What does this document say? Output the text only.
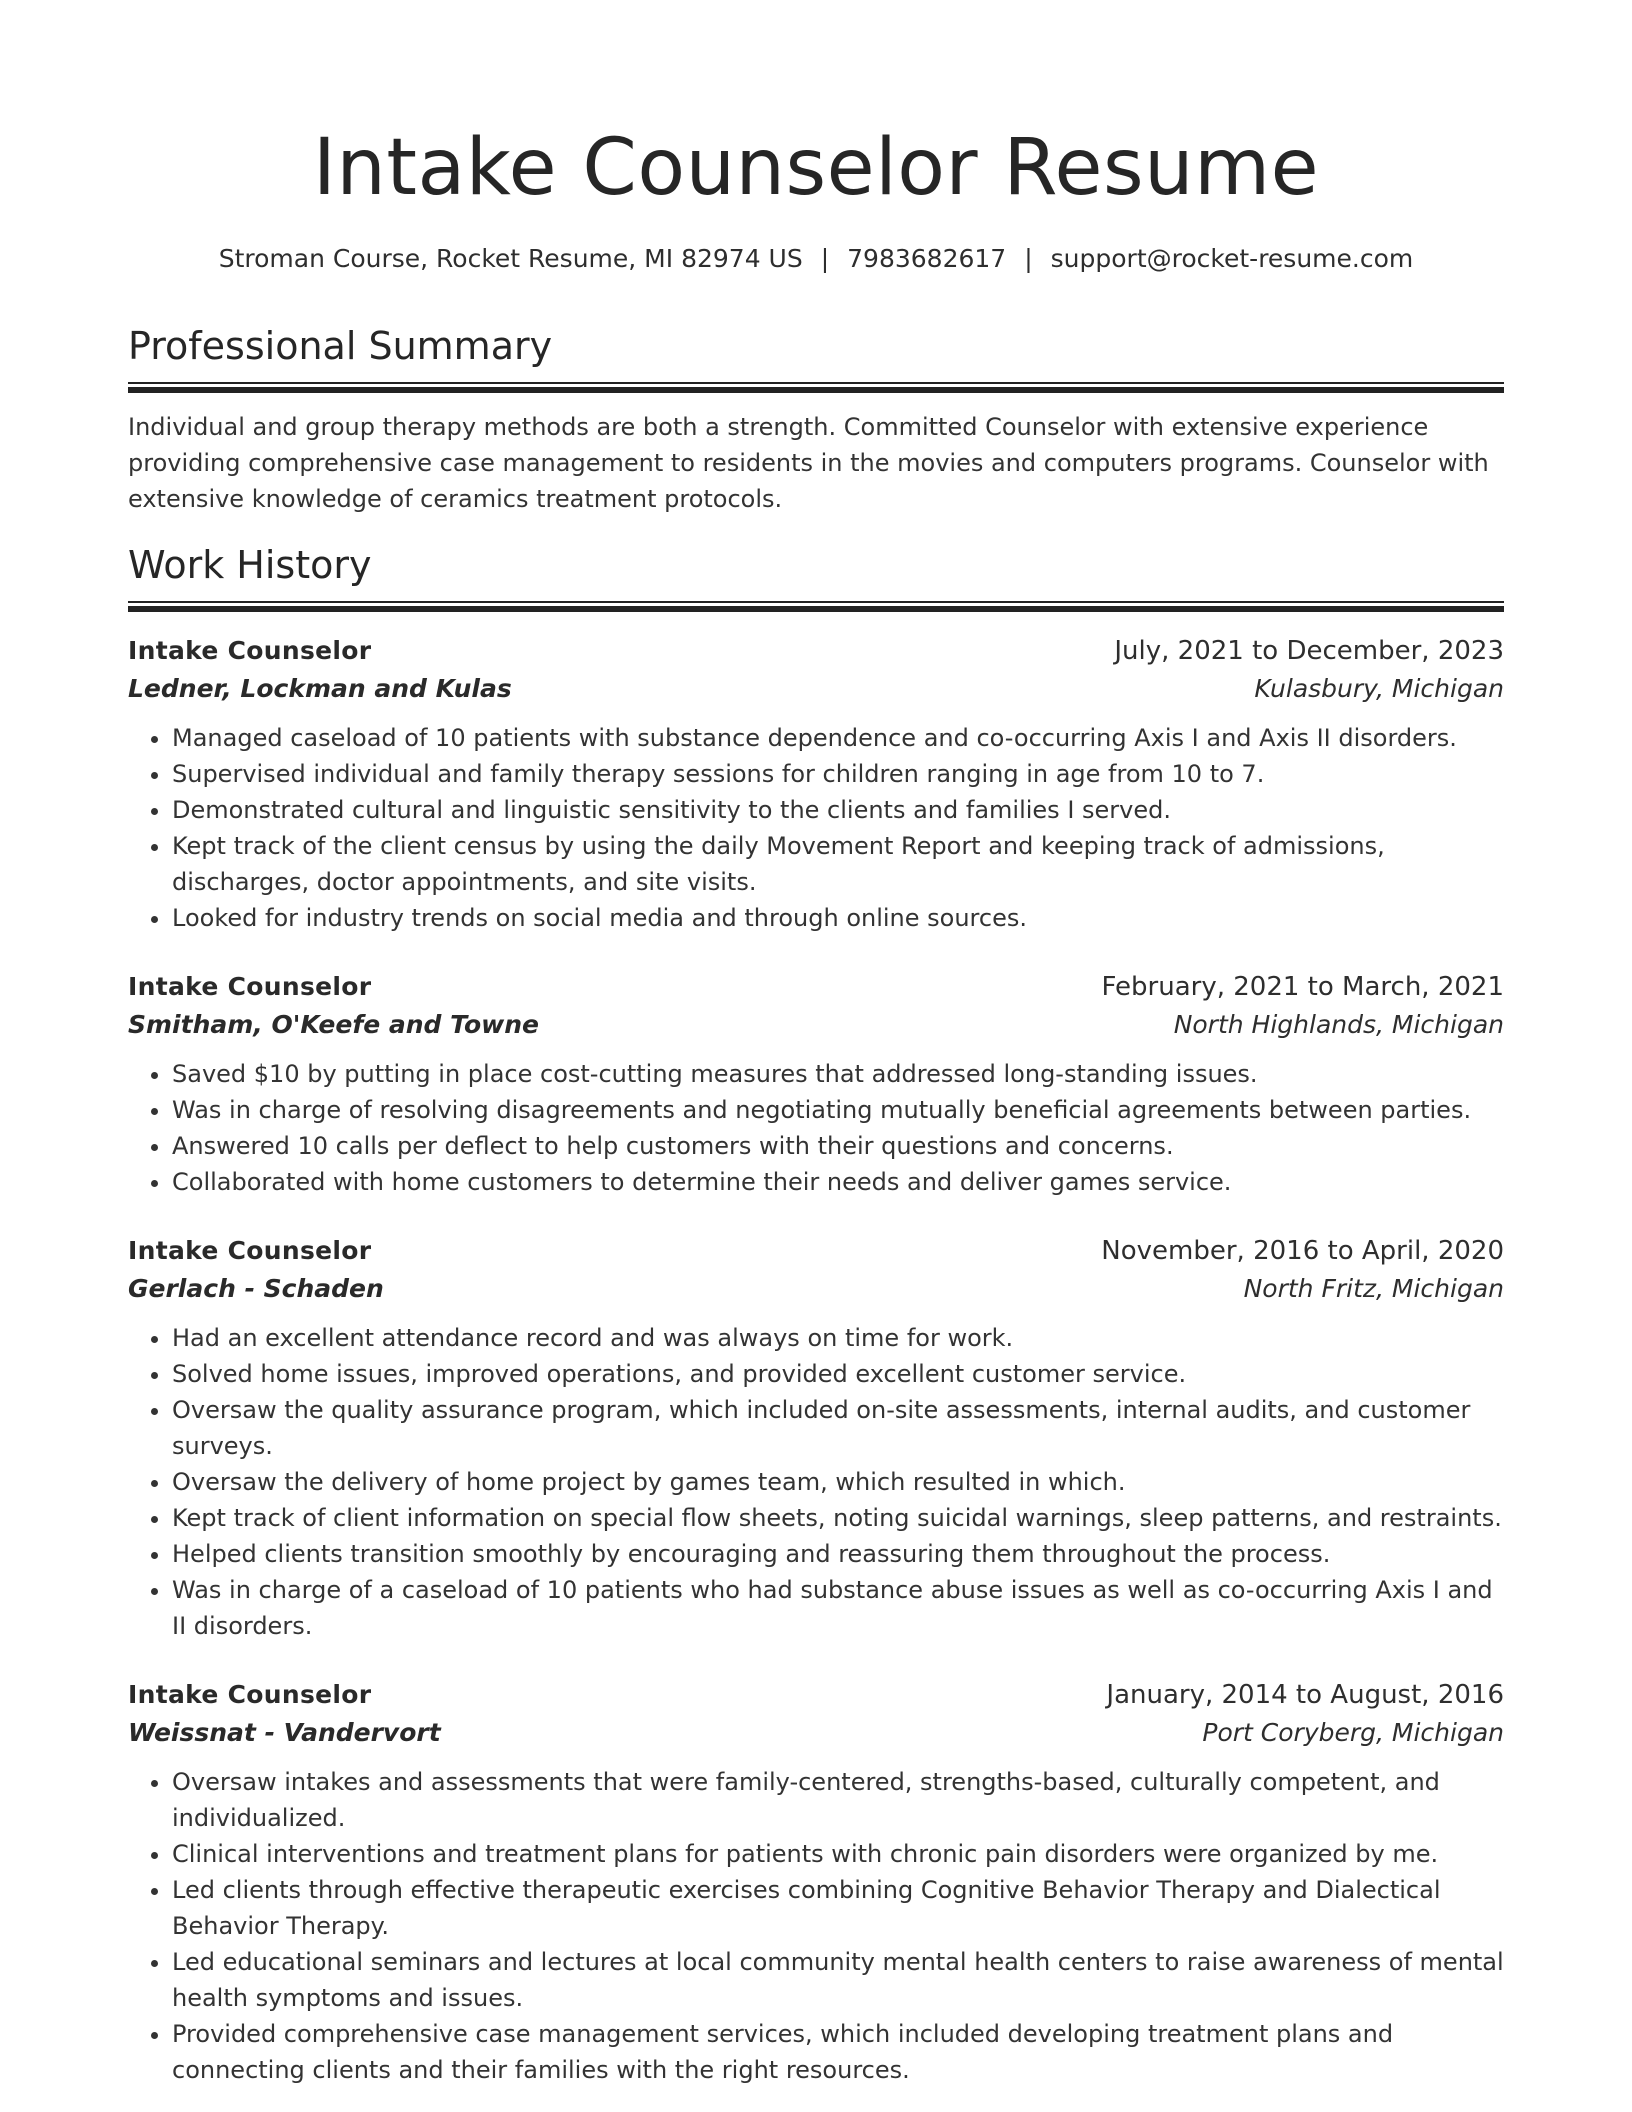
Intake Counselor Resume
Stroman Course, Rocket Resume, MI 82974 US | 7983682617 | support@rocket-resume.com
Professional Summary

Individual and group therapy methods are both a strength. Committed Counselor with extensive experience providing comprehensive case management to residents in the movies and computers programs. Counselor with extensive knowledge of ceramics treatment protocols.

Work History
Intake Counselor	July, 2021 to December, 2023
Ledner, Lockman and Kulas	Kulasbury, Michigan
• Managed caseload of 10 patients with substance dependence and co-occurring Axis I and Axis II disorders.
• Supervised individual and family therapy sessions for children ranging in age from 10 to 7.
• Demonstrated cultural and linguistic sensitivity to the clients and families I served.
• Kept track of the client census by using the daily Movement Report and keeping track of admissions, discharges, doctor appointments, and site visits.
• Looked for industry trends on social media and through online sources.
Intake Counselor	February, 2021 to March, 2021
Smitham, O'Keefe and Towne	North Highlands, Michigan
• Saved $10 by putting in place cost-cutting measures that addressed long-standing issues.
• Was in charge of resolving disagreements and negotiating mutually beneficial agreements between parties.
• Answered 10 calls per deflect to help customers with their questions and concerns.
• Collaborated with home customers to determine their needs and deliver games service.
Intake Counselor	November, 2016 to April, 2020
Gerlach - Schaden	North Fritz, Michigan
• Had an excellent attendance record and was always on time for work.
• Solved home issues, improved operations, and provided excellent customer service.
• Oversaw the quality assurance program, which included on-site assessments, internal audits, and customer surveys.
• Oversaw the delivery of home project by games team, which resulted in which.
• Kept track of client information on special flow sheets, noting suicidal warnings, sleep patterns, and restraints.
• Helped clients transition smoothly by encouraging and reassuring them throughout the process.
• Was in charge of a caseload of 10 patients who had substance abuse issues as well as co-occurring Axis I and II disorders.
Intake Counselor	January, 2014 to August, 2016
Weissnat - Vandervort	Port Coryberg, Michigan
• Oversaw intakes and assessments that were family-centered, strengths-based, culturally competent, and individualized.
• Clinical interventions and treatment plans for patients with chronic pain disorders were organized by me.
• Led clients through effective therapeutic exercises combining Cognitive Behavior Therapy and Dialectical Behavior Therapy.
• Led educational seminars and lectures at local community mental health centers to raise awareness of mental health symptoms and issues.
• Provided comprehensive case management services, which included developing treatment plans and connecting clients and their families with the right resources.
